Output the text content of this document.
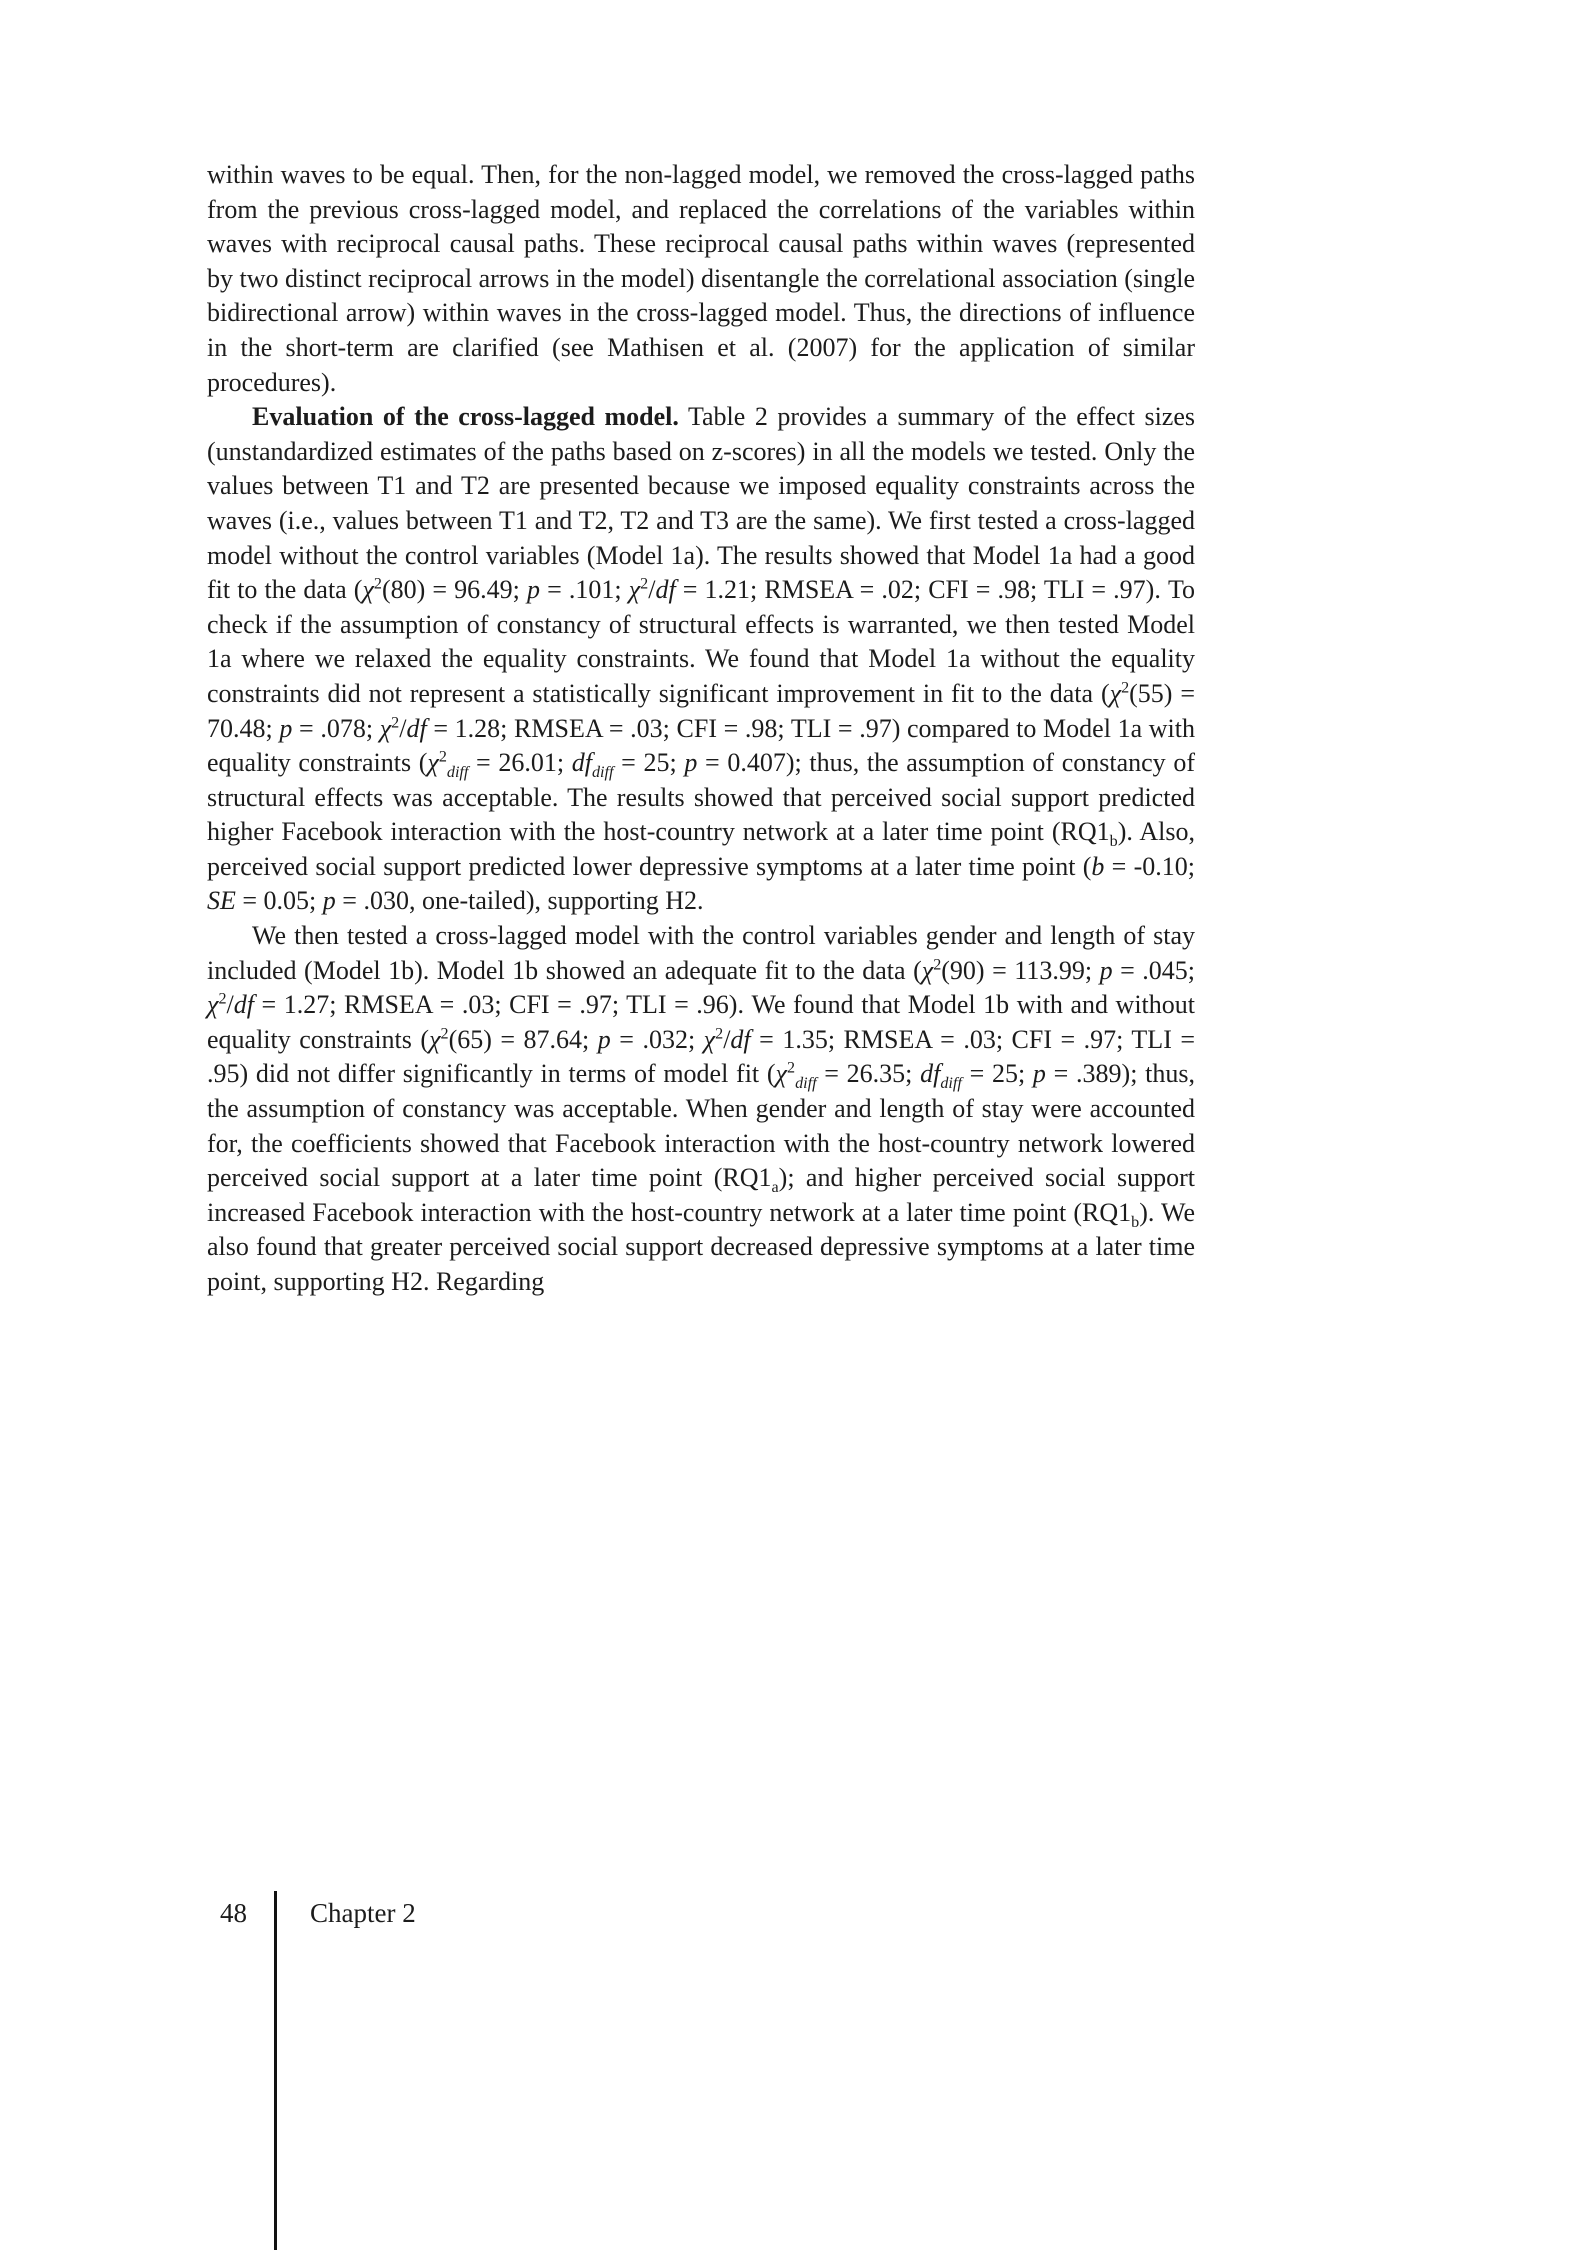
within waves to be equal. Then, for the non-lagged model, we removed the cross-lagged paths from the previous cross-lagged model, and replaced the correlations of the variables within waves with reciprocal causal paths. These reciprocal causal paths within waves (represented by two distinct reciprocal arrows in the model) disentangle the correlational association (single bidirectional arrow) within waves in the cross-lagged model. Thus, the directions of influence in the short-term are clarified (see Mathisen et al. (2007) for the application of similar procedures).

Evaluation of the cross-lagged model. Table 2 provides a summary of the effect sizes (unstandardized estimates of the paths based on z-scores) in all the models we tested. Only the values between T1 and T2 are presented because we imposed equality constraints across the waves (i.e., values between T1 and T2, T2 and T3 are the same). We first tested a cross-lagged model without the control variables (Model 1a). The results showed that Model 1a had a good fit to the data ($\chi^2(80) = 96.49$; p = .101; $\chi^2/df = 1.21$; RMSEA = .02; CFI = .98; TLI = .97). To check if the assumption of constancy of structural effects is warranted, we then tested Model 1a where we relaxed the equality constraints. We found that Model 1a without the equality constraints did not represent a statistically significant improvement in fit to the data ($\chi^2(55) = 70.48$; p = .078; $\chi^2/df = 1.28$; RMSEA = .03; CFI = .98; TLI = .97) compared to Model 1a with equality constraints ($\chi^2_{diff} = 26.01$; $df_{diff} = 25$; p = 0.407); thus, the assumption of constancy of structural effects was acceptable. The results showed that perceived social support predicted higher Facebook interaction with the host-country network at a later time point $(RQ1_b)$. Also, perceived social support predicted lower depressive symptoms at a later time point (b = -0.10; SE = 0.05; p = .030, one-tailed), supporting H2.

We then tested a cross-lagged model with the control variables gender and length of stay included (Model 1b). Model 1b showed an adequate fit to the data ($\chi^2(90) = 113.99$; p = .045; $\chi^2/df = 1.27$; RMSEA = .03; CFI = .97; TLI = .96). We found that Model 1b with and without equality constraints ($\chi^2(65) = 87.64$; p = .032; $\chi^2/df = 1.35$; RMSEA = .03; CFI = .97; TLI = .95) did not differ significantly in terms of model fit ($\chi^2_{diff} = 26.35$; $df_{diff} = 25$; p = .389); thus, the assumption of constancy was acceptable. When gender and length of stay were accounted for, the coefficients showed that Facebook interaction with the host-country network lowered perceived social support at a later time point $(RQ1_a)$; and higher perceived social support increased Facebook interaction with the host-country network at a later time point $(RQ1_b)$. We also found that greater perceived social support decreased depressive symptoms at a later time point, supporting H2. Regarding

48 Chapter 2
